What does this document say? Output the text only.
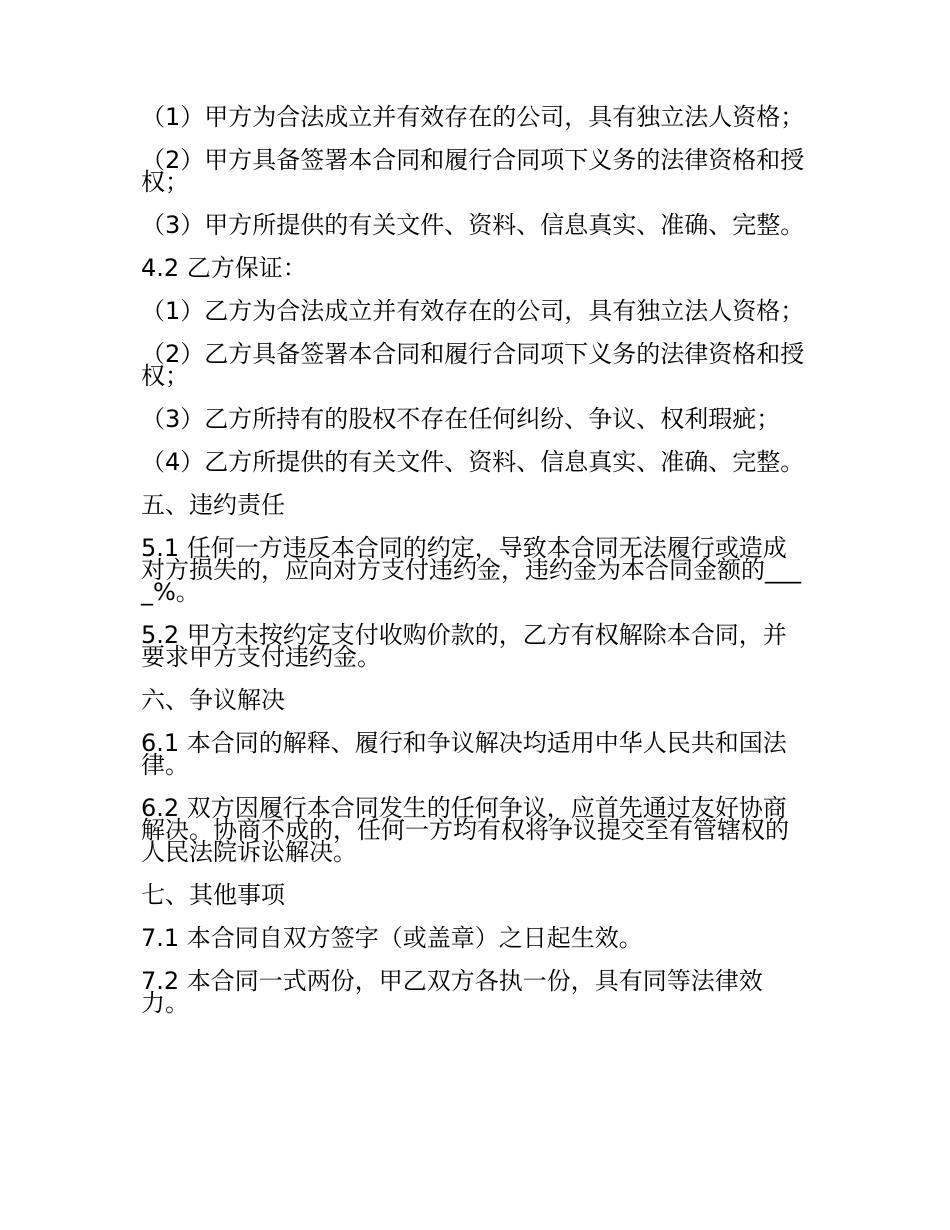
（1）甲方为合法成立并有效存在的公司，具有独立法人资格；

（2）甲方具备签署本合同和履行合同项下义务的法律资格和授权；

（3）甲方所提供的有关文件、资料、信息真实、准确、完整。

4.2 乙方保证：

（1）乙方为合法成立并有效存在的公司，具有独立法人资格；

（2）乙方具备签署本合同和履行合同项下义务的法律资格和授权；

（3）乙方所持有的股权不存在任何纠纷、争议、权利瑕疵；

（4）乙方所提供的有关文件、资料、信息真实、准确、完整。

五、违约责任

5.1 任何一方违反本合同的约定，导致本合同无法履行或造成对方损失的，应向对方支付违约金，违约金为本合同金额的____%。

5.2 甲方未按约定支付收购价款的，乙方有权解除本合同，并要求甲方支付违约金。

六、争议解决

6.1 本合同的解释、履行和争议解决均适用中华人民共和国法律。

6.2 双方因履行本合同发生的任何争议，应首先通过友好协商解决。协商不成的，任何一方均有权将争议提交至有管辖权的人民法院诉讼解决。

七、其他事项

7.1 本合同自双方签字（或盖章）之日起生效。

7.2 本合同一式两份，甲乙双方各执一份，具有同等法律效力。
